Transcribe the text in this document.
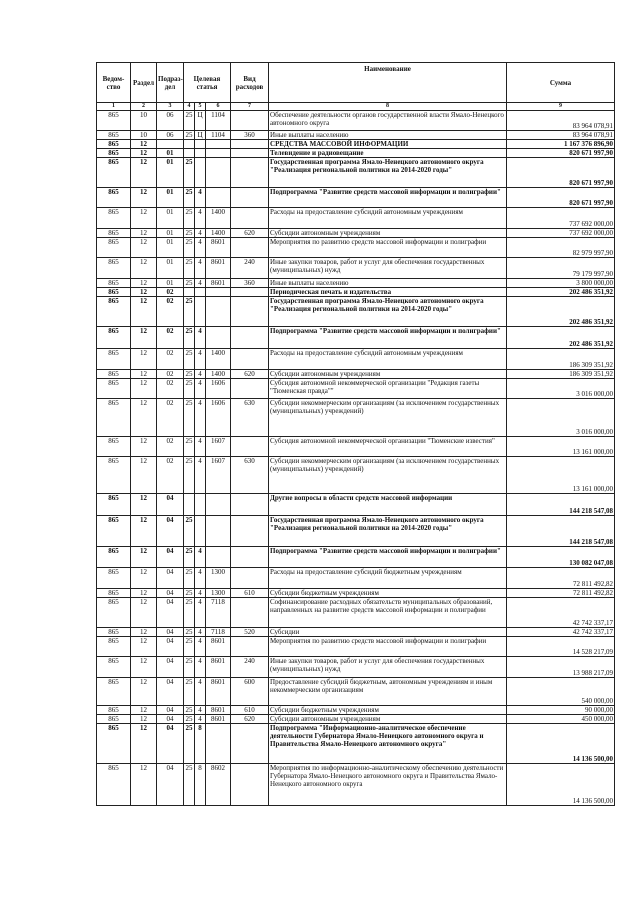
Ведом-ство	Раздел	Подраз-дел	Целевая статья			Вид расходов	Наименование	Сумма
1	2	3	4	5	6	7	8	9
865	10	06	25	Ц	1104		Обеспечение деятельности органов государственной власти Ямало-Ненецкого автономного округа	83 964 078,91
865	10	06	25	Ц	1104	360	Иные выплаты населению	83 964 078,91
865	12						СРЕДСТВА МАССОВОЙ ИНФОРМАЦИИ	1 167 376 896,90
865	12	01					Телевидение и радиовещание	820 671 997,90
865	12	01	25				Государственная программа Ямало-Ненецкого автономного округа "Реализация региональной политики на 2014-2020 годы"	820 671 997,90
865	12	01	25	4			Подпрограмма "Развитие средств массовой информации и полиграфии"	820 671 997,90
865	12	01	25	4	1400		Расходы на предоставление субсидий автономным учреждениям	737 692 000,00
865	12	01	25	4	1400	620	Субсидии автономным учреждениям	737 692 000,00
865	12	01	25	4	8601		Мероприятия по развитию средств массовой информации и полиграфии	82 979 997,90
865	12	01	25	4	8601	240	Иные закупки товаров, работ и услуг для обеспечения государственных (муниципальных) нужд	79 179 997,90
865	12	01	25	4	8601	360	Иные выплаты населению	3 800 000,00
865	12	02					Периодическая печать и издательства	202 486 351,92
865	12	02	25				Государственная программа Ямало-Ненецкого автономного округа "Реализация региональной политики на 2014-2020 годы"	202 486 351,92
865	12	02	25	4			Подпрограмма "Развитие средств массовой информации и полиграфии"	202 486 351,92
865	12	02	25	4	1400		Расходы на предоставление субсидий автономным учреждениям	186 309 351,92
865	12	02	25	4	1400	620	Субсидии автономным учреждениям	186 309 351,92
865	12	02	25	4	1606		Субсидия автономной некоммерческой организации "Редакция газеты "Тюменская правда""	3 016 000,00
865	12	02	25	4	1606	630	Субсидии некоммерческим организациям (за исключением государственных (муниципальных) учреждений)	3 016 000,00
865	12	02	25	4	1607		Субсидия автономной некоммерческой организации "Тюменские известия"	13 161 000,00
865	12	02	25	4	1607	630	Субсидии некоммерческим организациям (за исключением государственных (муниципальных) учреждений)	13 161 000,00
865	12	04					Другие вопросы в области средств массовой информации	144 218 547,08
865	12	04	25				Государственная программа Ямало-Ненецкого автономного округа "Реализация региональной политики на 2014-2020 годы"	144 218 547,08
865	12	04	25	4			Подпрограмма "Развитие средств массовой информации и полиграфии"	130 082 047,08
865	12	04	25	4	1300		Расходы на предоставление субсидий бюджетным учреждениям	72 811 492,82
865	12	04	25	4	1300	610	Субсидии бюджетным учреждениям	72 811 492,82
865	12	04	25	4	7118		Софинансирование расходных обязательств муниципальных образований, направленных на развитие средств массовой информации и полиграфии	42 742 337,17
865	12	04	25	4	7118	520	Субсидии	42 742 337,17
865	12	04	25	4	8601		Мероприятия по развитию средств массовой информации и полиграфии	14 528 217,09
865	12	04	25	4	8601	240	Иные закупки товаров, работ и услуг для обеспечения государственных (муниципальных) нужд	13 988 217,09
865	12	04	25	4	8601	600	Предоставление субсидий бюджетным, автономным учреждениям и иным некоммерческим организациям	540 000,00
865	12	04	25	4	8601	610	Субсидии бюджетным учреждениям	90 000,00
865	12	04	25	4	8601	620	Субсидии автономным учреждениям	450 000,00
865	12	04	25	8			Подпрограмма "Информационно-аналитическое обеспечение деятельности Губернатора Ямало-Ненецкого автономного округа и Правительства Ямало-Ненецкого автономного округа"	14 136 500,00
865	12	04	25	8	8602		Мероприятия по информационно-аналитическому обеспечению деятельности Губернатора Ямало-Ненецкого автономного округа и Правительства Ямало-Ненецкого автономного округа	14 136 500,00
